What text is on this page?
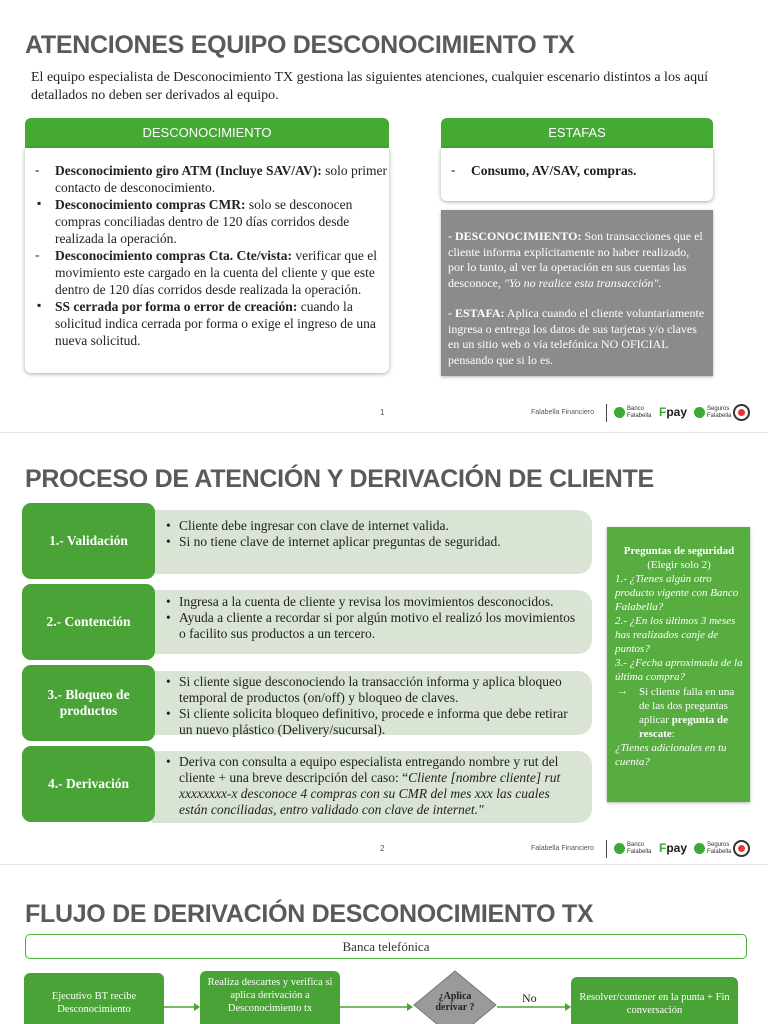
ATENCIONES EQUIPO DESCONOCIMIENTO TX

El equipo especialista de Desconocimiento TX gestiona las siguientes atenciones, cualquier escenario distintos a los aquí detallados no deben ser derivados al equipo.

DESCONOCIMIENTO
- Desconocimiento giro ATM (Incluye SAV/AV): solo primer contacto de desconocimiento.
▪ Desconocimiento compras CMR: solo se desconocen compras conciliadas dentro de 120 días corridos desde realizada la operación.
- Desconocimiento compras Cta. Cte/vista: verificar que el movimiento este cargado en la cuenta del cliente y que este dentro de 120 días corridos desde realizada la operación.
▪ SS cerrada por forma o error de creación: cuando la solicitud indica cerrada por forma o exige el ingreso de una nueva solicitud.
ESTAFAS
- Consumo, AV/SAV, compras.

- DESCONOCIMIENTO: Son transacciones que el cliente informa explícitamente no haber realizado, por lo tanto, al ver la operación en sus cuentas las desconoce, "Yo no realice esta transacción".

- ESTAFA: Aplica cuando el cliente voluntariamente ingresa o entrega los datos de sus tarjetas y/o claves en un sitio web o vía telefónica NO OFICIAL pensando que si lo es.

1	Falabella Financiero	Banco
Falabella Fpay	Seguros
Falabella
PROCESO DE ATENCIÓN Y DERIVACIÓN DE CLIENTE
• Cliente debe ingresar con clave de internet valida.
• Si no tiene clave de internet aplicar preguntas de seguridad.
1.- Validación
• Ingresa a la cuenta de cliente y revisa los movimientos desconocidos.
• Ayuda a cliente a recordar si por algún motivo el realizó los movimientos o facilito sus productos a un tercero.
2.- Contención
• Si cliente sigue desconociendo la transacción informa y aplica bloqueo temporal de productos (on/off) y bloqueo de claves.
• Si cliente solicita bloqueo definitivo, procede e informa que debe retirar un nuevo plástico (Delivery/sucursal).
3.- Bloqueo de productos
• Deriva con consulta a equipo especialista entregando nombre y rut del cliente + una breve descripción del caso: “Cliente [nombre cliente] rut xxxxxxxx-x desconoce 4 compras con su CMR del mes xxx las cuales están conciliadas, entro validado con clave de internet."
4.- Derivación
Preguntas de seguridad
(Elegir solo 2)
1.- ¿Tienes algún otro producto vigente con Banco Falabella?
2.- ¿En los últimos 3 meses has realizados canje de puntos?
3.- ¿Fecha aproximada de la última compra?
→ Si cliente falla en una de las dos preguntas aplicar pregunta de rescate:
¿Tienes adicionales en tu cuenta?
2	Falabella Financiero	Banco
Falabella Fpay	Seguros
Falabella
FLUJO DE DERIVACIÓN DESCONOCIMIENTO TX
Banca telefónica
Ejecutivo BT recibe Desconocimiento
Realiza descartes y verifica si aplica derivación a Desconocimiento tx
¿Aplica derivar ?
No	Resolver/contener en la punta + Fin conversación
